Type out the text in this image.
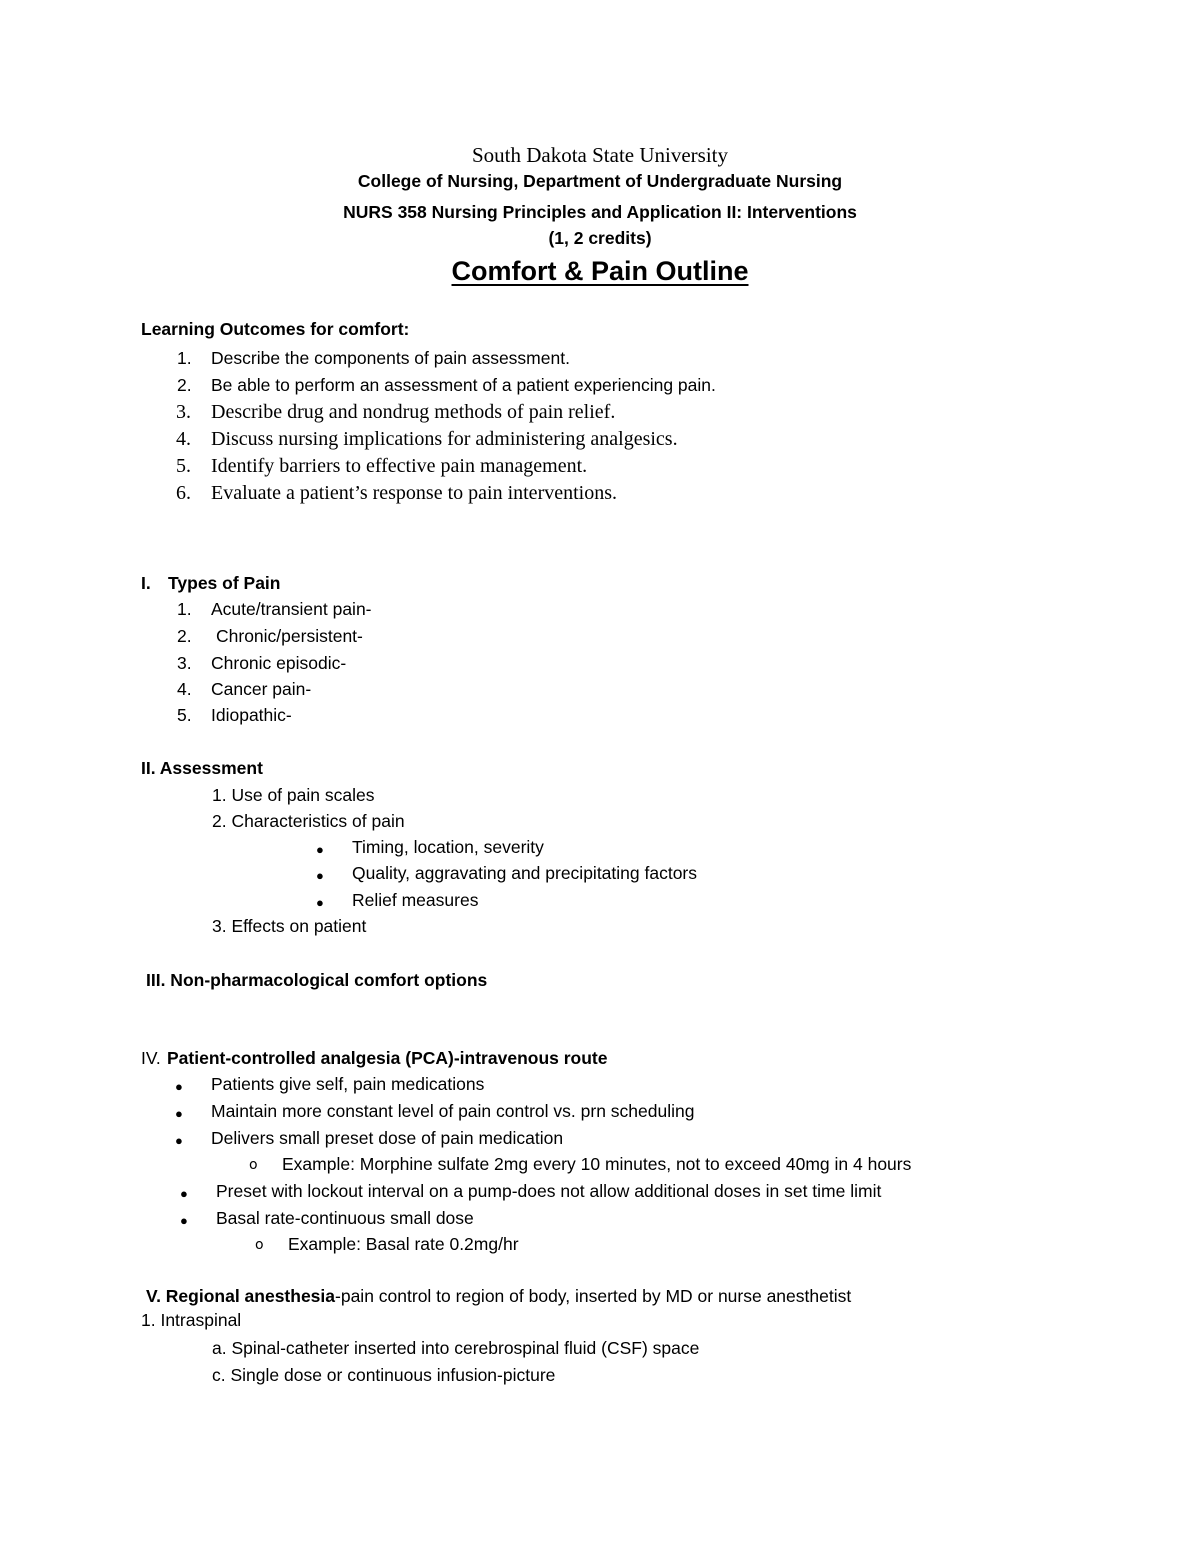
South Dakota State University
College of Nursing, Department of Undergraduate Nursing
NURS 358 Nursing Principles and Application II: Interventions
(1, 2 credits)
Comfort & Pain Outline
Learning Outcomes for comfort:
1. Describe the components of pain assessment.
2. Be able to perform an assessment of a patient experiencing pain.
3. Describe drug and nondrug methods of pain relief.
4. Discuss nursing implications for administering analgesics.
5. Identify barriers to effective pain management.
6. Evaluate a patient’s response to pain interventions.
I. Types of Pain
1. Acute/transient pain-
2. Chronic/persistent-
3. Chronic episodic-
4. Cancer pain-
5. Idiopathic-
II. Assessment
1. Use of pain scales
2. Characteristics of pain
● Timing, location, severity
● Quality, aggravating and precipitating factors
● Relief measures
3. Effects on patient
III. Non-pharmacological comfort options
IV. Patient-controlled analgesia (PCA)-intravenous route
● Patients give self, pain medications
● Maintain more constant level of pain control vs. prn scheduling
● Delivers small preset dose of pain medication
o Example: Morphine sulfate 2mg every 10 minutes, not to exceed 40mg in 4 hours
● Preset with lockout interval on a pump-does not allow additional doses in set time limit
● Basal rate-continuous small dose
o Example: Basal rate 0.2mg/hr
V. Regional anesthesia-pain control to region of body, inserted by MD or nurse anesthetist
1. Intraspinal
a. Spinal-catheter inserted into cerebrospinal fluid (CSF) space
c. Single dose or continuous infusion-picture
